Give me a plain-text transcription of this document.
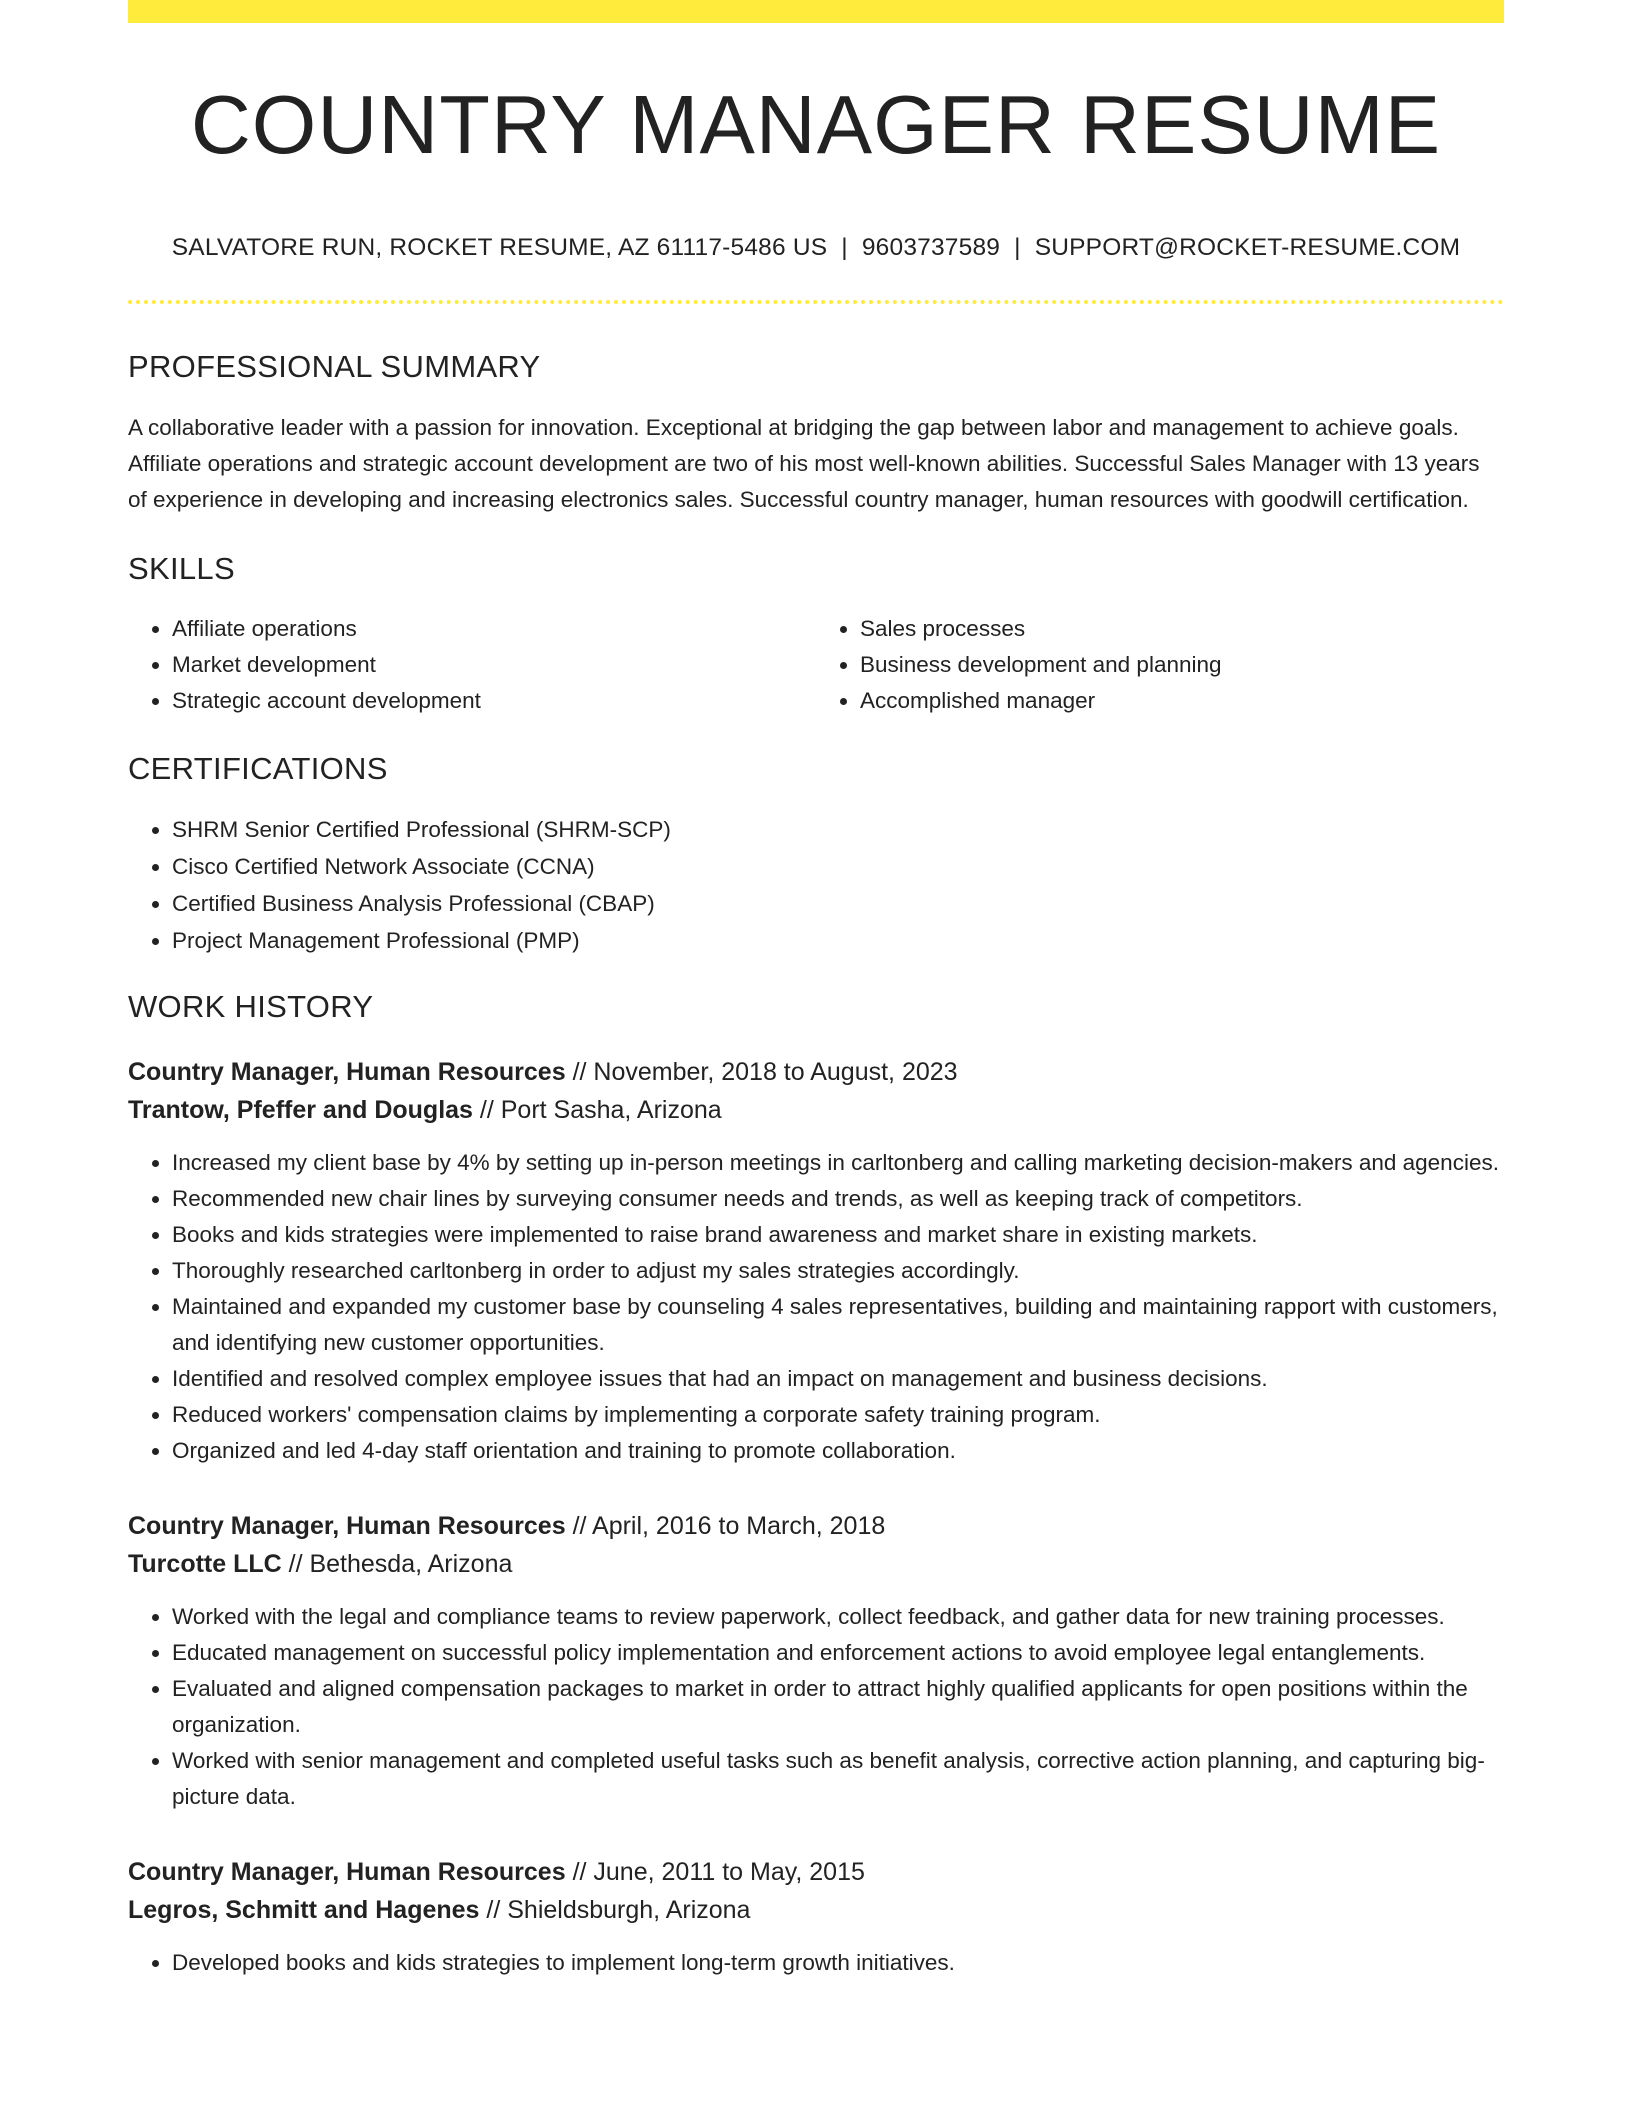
COUNTRY MANAGER RESUME
SALVATORE RUN, ROCKET RESUME, AZ 61117-5486 US | 9603737589 | SUPPORT@ROCKET-RESUME.COM
PROFESSIONAL SUMMARY

A collaborative leader with a passion for innovation. Exceptional at bridging the gap between labor and management to achieve goals. Affiliate operations and strategic account development are two of his most well-known abilities. Successful Sales Manager with 13 years of experience in developing and increasing electronics sales. Successful country manager, human resources with goodwill certification.

SKILLS
• Affiliate operations
• Market development
• Strategic account development
• Sales processes
• Business development and planning
• Accomplished manager
CERTIFICATIONS
• SHRM Senior Certified Professional (SHRM-SCP)
• Cisco Certified Network Associate (CCNA)
• Certified Business Analysis Professional (CBAP)
• Project Management Professional (PMP)
WORK HISTORY
Country Manager, Human Resources // November, 2018 to August, 2023
Trantow, Pfeffer and Douglas // Port Sasha, Arizona
• Increased my client base by 4% by setting up in-person meetings in carltonberg and calling marketing decision-makers and agencies.
• Recommended new chair lines by surveying consumer needs and trends, as well as keeping track of competitors.
• Books and kids strategies were implemented to raise brand awareness and market share in existing markets.
• Thoroughly researched carltonberg in order to adjust my sales strategies accordingly.
• Maintained and expanded my customer base by counseling 4 sales representatives, building and maintaining rapport with customers, and identifying new customer opportunities.
• Identified and resolved complex employee issues that had an impact on management and business decisions.
• Reduced workers' compensation claims by implementing a corporate safety training program.
• Organized and led 4-day staff orientation and training to promote collaboration.
Country Manager, Human Resources // April, 2016 to March, 2018
Turcotte LLC // Bethesda, Arizona
• Worked with the legal and compliance teams to review paperwork, collect feedback, and gather data for new training processes.
• Educated management on successful policy implementation and enforcement actions to avoid employee legal entanglements.
• Evaluated and aligned compensation packages to market in order to attract highly qualified applicants for open positions within the organization.
• Worked with senior management and completed useful tasks such as benefit analysis, corrective action planning, and capturing big-picture data.
Country Manager, Human Resources // June, 2011 to May, 2015
Legros, Schmitt and Hagenes // Shieldsburgh, Arizona
• Developed books and kids strategies to implement long-term growth initiatives.
